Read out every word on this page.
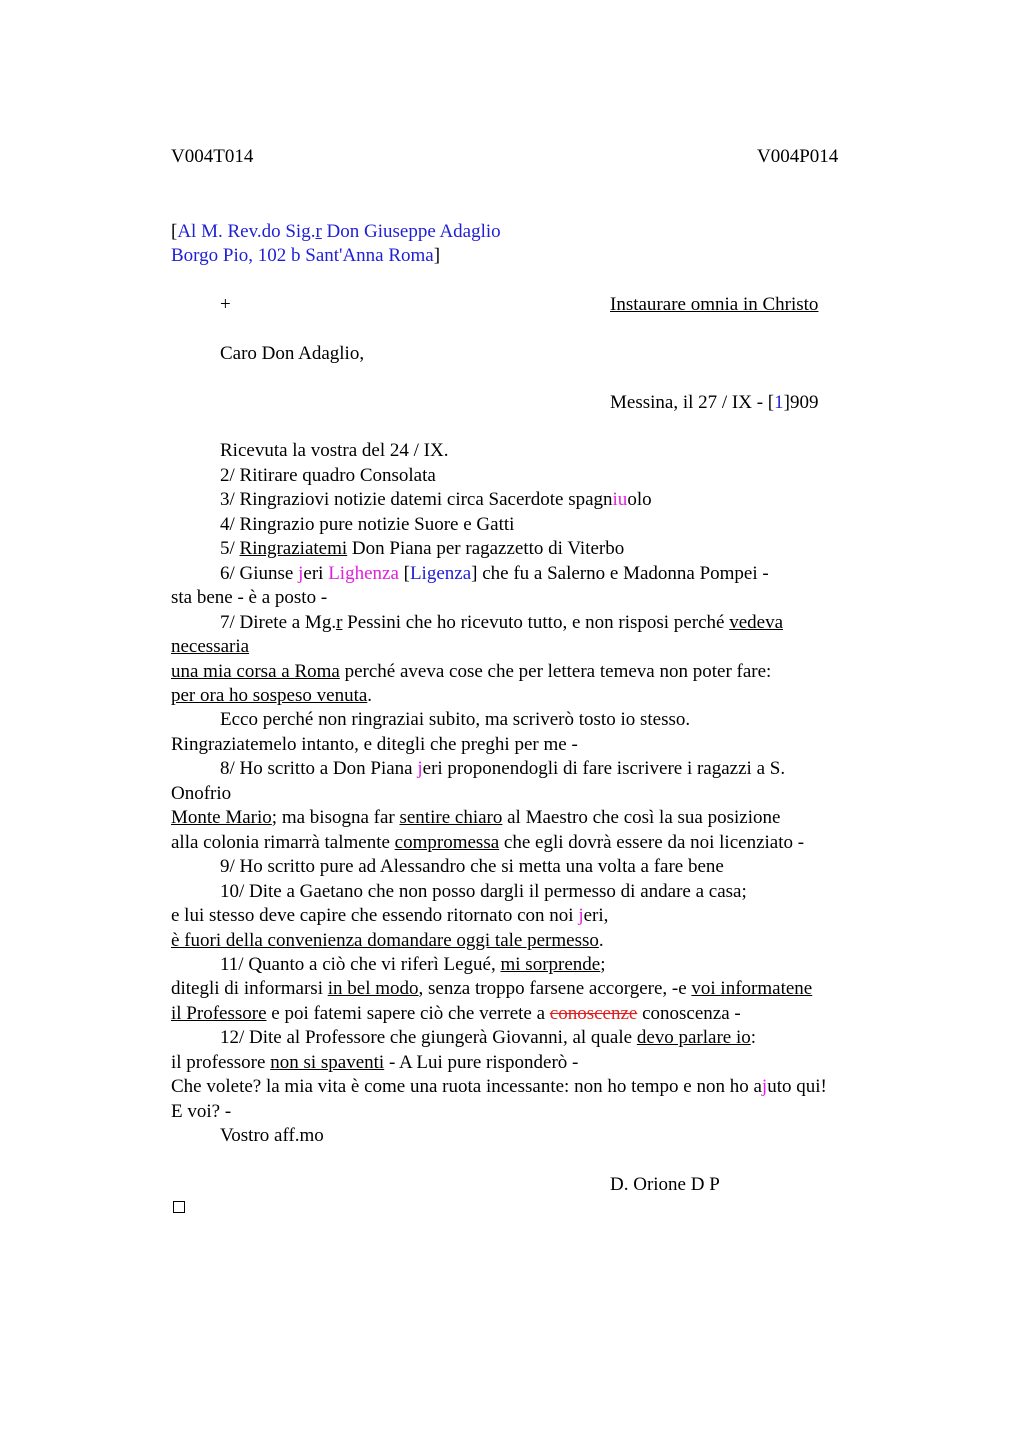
V004T014	V004P014
[Al M. Rev.do Sig.r Don Giuseppe Adaglio
Borgo Pio, 102 b Sant'Anna Roma]
+	Instaurare omnia in Christo
Caro Don Adaglio,
Messina, il 27 / IX - [1]909
Ricevuta la vostra del 24 / IX.
2/ Ritirare quadro Consolata
3/ Ringraziovi notizie datemi circa Sacerdote spagniuolo
4/ Ringrazio pure notizie Suore e Gatti
5/ Ringraziatemi Don Piana per ragazzetto di Viterbo
6/ Giunse jeri Lighenza [Ligenza] che fu a Salerno e Madonna Pompei -
sta bene - è a posto -
7/ Direte a Mg.r Pessini che ho ricevuto tutto, e non risposi perché vedeva
necessaria
una mia corsa a Roma perché aveva cose che per lettera temeva non poter fare:
per ora ho sospeso venuta.
Ecco perché non ringraziai subito, ma scriverò tosto io stesso.
Ringraziatemelo intanto, e ditegli che preghi per me -
8/ Ho scritto a Don Piana jeri proponendogli di fare iscrivere i ragazzi a S.
Onofrio
Monte Mario; ma bisogna far sentire chiaro al Maestro che così la sua posizione
alla colonia rimarrà talmente compromessa che egli dovrà essere da noi licenziato -
9/ Ho scritto pure ad Alessandro che si metta una volta a fare bene
10/ Dite a Gaetano che non posso dargli il permesso di andare a casa;
e lui stesso deve capire che essendo ritornato con noi jeri,
è fuori della convenienza domandare oggi tale permesso.
11/ Quanto a ciò che vi riferì Legué, mi sorprende;
ditegli di informarsi in bel modo, senza troppo farsene accorgere, -e voi informatene
il Professore e poi fatemi sapere ciò che verrete a conoscenze conoscenza -
12/ Dite al Professore che giungerà Giovanni, al quale devo parlare io:
il professore non si spaventi - A Lui pure risponderò -
Che volete? la mia vita è come una ruota incessante: non ho tempo e non ho ajuto qui!
E voi? -
Vostro aff.mo
D. Orione D P
